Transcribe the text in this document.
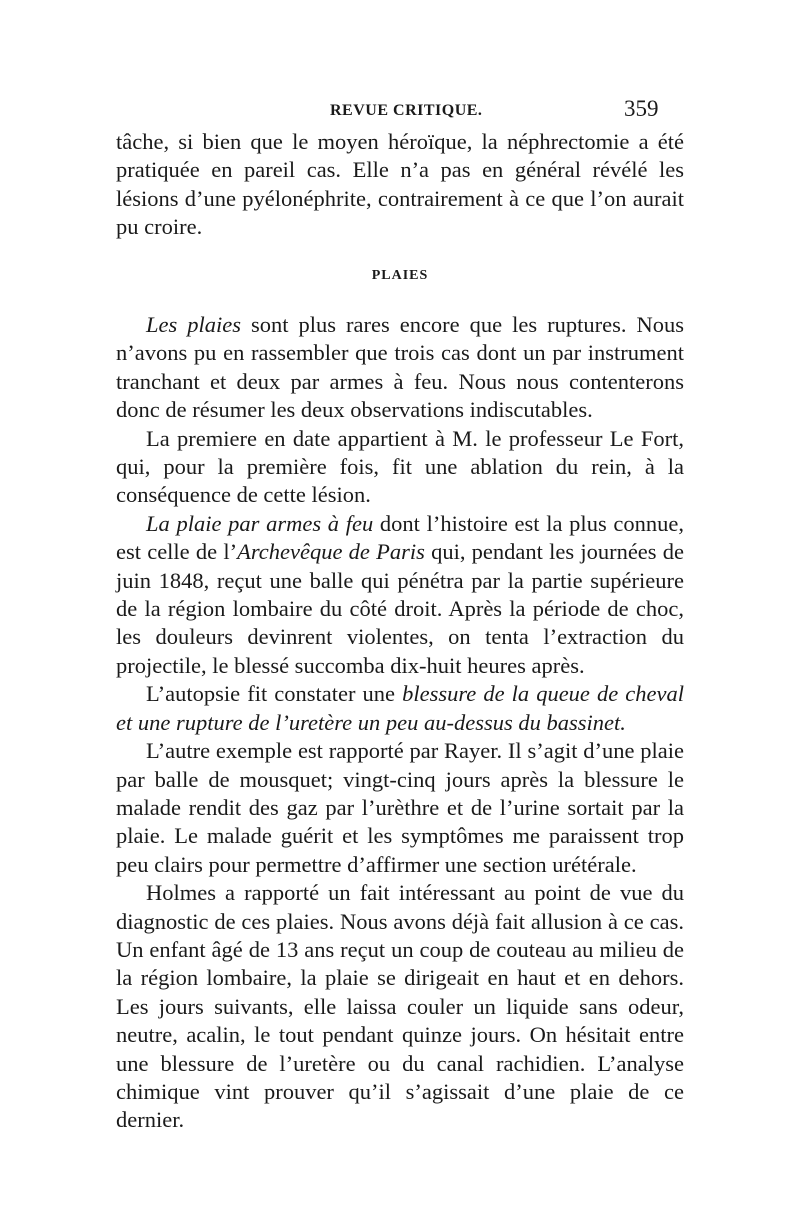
REVUE CRITIQUE.	359

tâche, si bien que le moyen héroïque, la néphrectomie a été pratiquée en pareil cas. Elle n’a pas en général révélé les lésions d’une pyélonéphrite, contrairement à ce que l’on aurait pu croire.

PLAIES

Les plaies sont plus rares encore que les ruptures. Nous n’avons pu en rassembler que trois cas dont un par instrument tranchant et deux par armes à feu. Nous nous contenterons donc de résumer les deux observations indiscutables.

La premiere en date appartient à M. le professeur Le Fort, qui, pour la première fois, fit une ablation du rein, à la conséquence de cette lésion.

La plaie par armes à feu dont l’histoire est la plus connue, est celle de l’Archevêque de Paris qui, pendant les journées de juin 1848, reçut une balle qui pénétra par la partie supérieure de la région lombaire du côté droit. Après la période de choc, les douleurs devinrent violentes, on tenta l’extraction du projectile, le blessé succomba dix-huit heures après.

L’autopsie fit constater une blessure de la queue de cheval et une rupture de l’uretère un peu au-dessus du bassinet.

L’autre exemple est rapporté par Rayer. Il s’agit d’une plaie par balle de mousquet; vingt-cinq jours après la blessure le malade rendit des gaz par l’urèthre et de l’urine sortait par la plaie. Le malade guérit et les symptômes me paraissent trop peu clairs pour permettre d’affirmer une section urétérale.

Holmes a rapporté un fait intéressant au point de vue du diagnostic de ces plaies. Nous avons déjà fait allusion à ce cas. Un enfant âgé de 13 ans reçut un coup de couteau au milieu de la région lombaire, la plaie se dirigeait en haut et en dehors. Les jours suivants, elle laissa couler un liquide sans odeur, neutre, acalin, le tout pendant quinze jours. On hésitait entre une blessure de l’uretère ou du canal rachidien. L’analyse chimique vint prouver qu’il s’agissait d’une plaie de ce dernier.
